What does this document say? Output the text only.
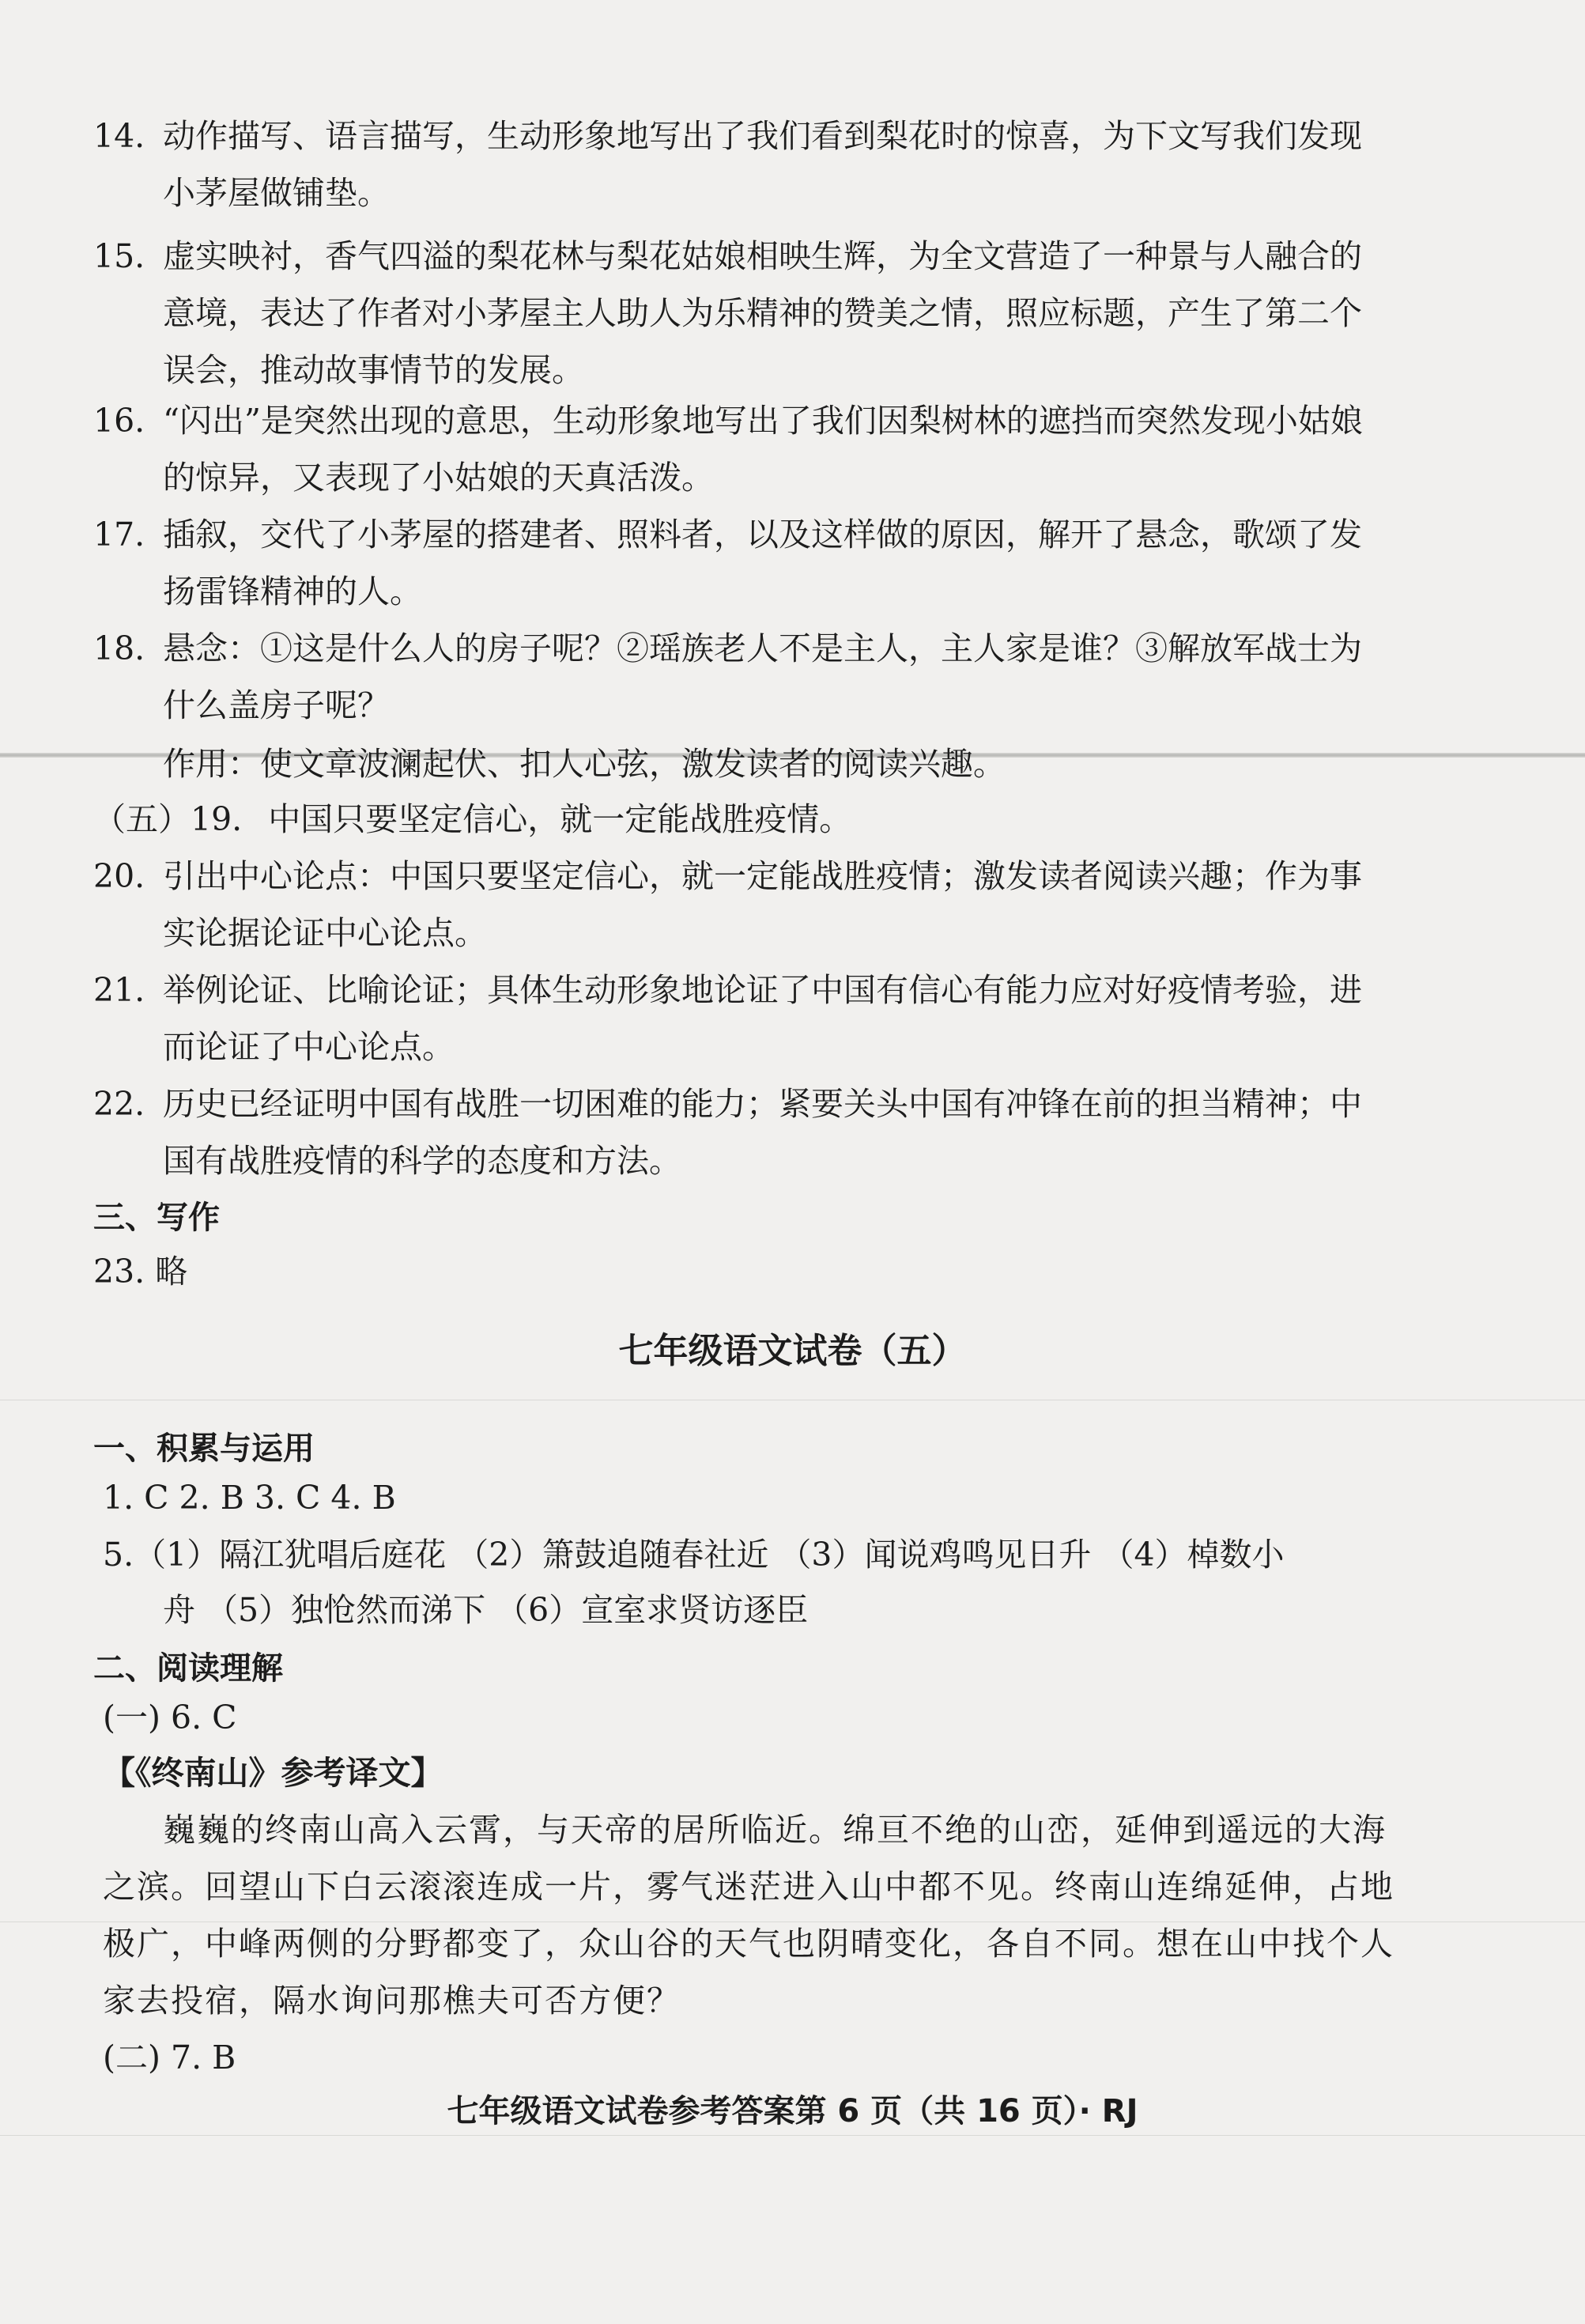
14. 动作描写、语言描写，生动形象地写出了我们看到梨花时的惊喜，为下文写我们发现小茅屋做铺垫。
15. 虚实映衬，香气四溢的梨花林与梨花姑娘相映生辉，为全文营造了一种景与人融合的意境，表达了作者对小茅屋主人助人为乐精神的赞美之情，照应标题，产生了第二个误会，推动故事情节的发展。
16. “闪出”是突然出现的意思，生动形象地写出了我们因梨树林的遮挡而突然发现小姑娘的惊异，又表现了小姑娘的天真活泼。
17. 插叙，交代了小茅屋的搭建者、照料者，以及这样做的原因，解开了悬念，歌颂了发扬雷锋精神的人。
18. 悬念：①这是什么人的房子呢？②瑶族老人不是主人，主人家是谁？③解放军战士为什么盖房子呢？
作用：使文章波澜起伏、扣人心弦，激发读者的阅读兴趣。
（五）19. 中国只要坚定信心，就一定能战胜疫情。
20. 引出中心论点：中国只要坚定信心，就一定能战胜疫情；激发读者阅读兴趣；作为事实论据论证中心论点。
21. 举例论证、比喻论证；具体生动形象地论证了中国有信心有能力应对好疫情考验，进而论证了中心论点。
22. 历史已经证明中国有战胜一切困难的能力；紧要关头中国有冲锋在前的担当精神；中国有战胜疫情的科学的态度和方法。
三、写作
23. 略
七年级语文试卷（五）
一、积累与运用
1. C 2. B 3. C 4. B
5.（1）隔江犹唱后庭花 （2）箫鼓追随春社近 （3）闻说鸡鸣见日升 （4）棹数小
舟 （5）独怆然而涕下 （6）宣室求贤访逐臣
二、阅读理解
(一) 6. C
【《终南山》参考译文】
巍巍的终南山高入云霄，与天帝的居所临近。绵亘不绝的山峦，延伸到遥远的大海
之滨。回望山下白云滚滚连成一片，雾气迷茫进入山中都不见。终南山连绵延伸，占地
极广，中峰两侧的分野都变了，众山谷的天气也阴晴变化，各自不同。想在山中找个人
家去投宿，隔水询问那樵夫可否方便？
(二) 7. B
七年级语文试卷参考答案第 6 页（共 16 页）· RJ
